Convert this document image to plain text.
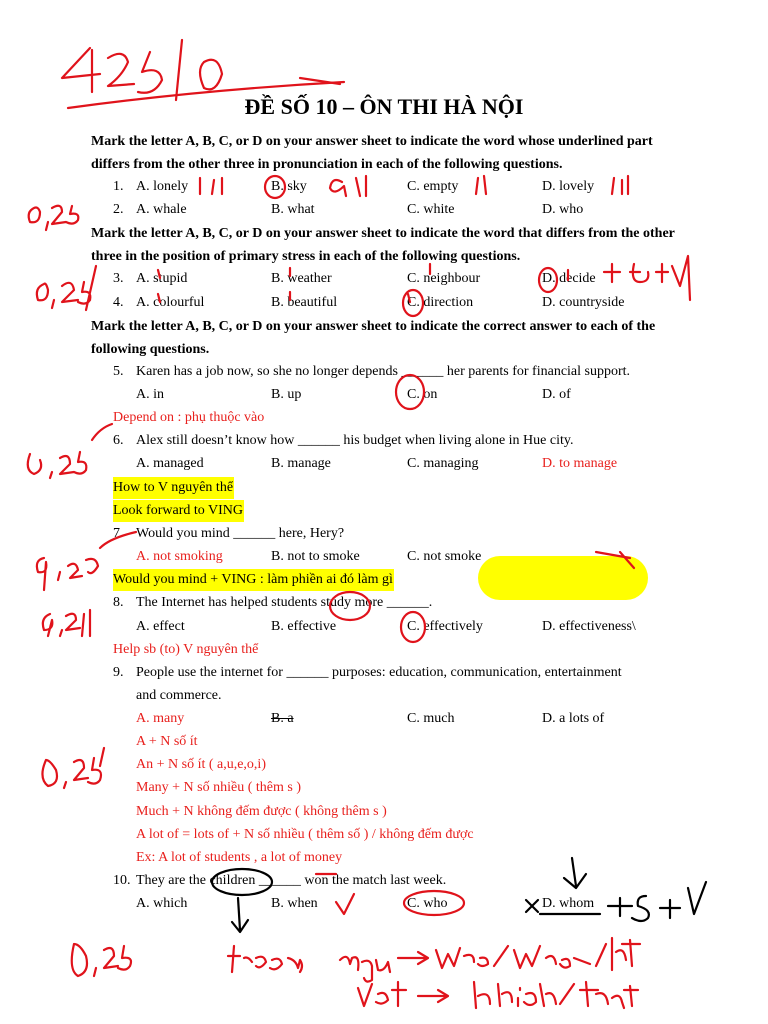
ĐỀ SỐ 10 – ÔN THI HÀ NỘI
Mark the letter A, B, C, or D on your answer sheet to indicate the word whose underlined part differs from the other three in pronunciation in each of the following questions.
1. A. lonely	B. sky	C. empty	D. lovely
2. A. whale	B. what	C. white	D. who
Mark the letter A, B, C, or D on your answer sheet to indicate the word that differs from the other three in the position of primary stress in each of the following questions.
3. A. stupid	B. weather	C. neighbour	D. decide
4. A. colourful	B. beautiful	C. direction	D. countryside
Mark the letter A, B, C, or D on your answer sheet to indicate the correct answer to each of the following questions.
5. Karen has a job now, so she no longer depends ______ her parents for financial support.
A. in	B. up	C. on	D. of
Depend on : phụ thuộc vào
6. Alex still doesn’t know how ______ his budget when living alone in Hue city.
A. managed	B. manage	C. managing	D. to manage
How to V nguyên thể
Look forward to VING
7. Would you mind ______ here, Hery?
A. not smoking	B. not to smoke	C. not smoke
Would you mind + VING : làm phiền ai đó làm gì
8. The Internet has helped students study more ______.
A. effect	B. effective	C. effectively	D. effectiveness\
Help sb (to) V nguyên thể
9. People use the internet for ______ purposes: education, communication, entertainment
and commerce.
A. many	B. a	C. much	D. a lots of
A + N số ít
An + N số ít ( a,u,e,o,i)
Many + N số nhiều ( thêm s )
Much + N không đếm được ( không thêm s )
A lot of = lots of + N số nhiều ( thêm số ) / không đếm được
Ex: A lot of students , a lot of money
10. They are the children ______ won the match last week.
A. which	B. when	C. who	D. whom
